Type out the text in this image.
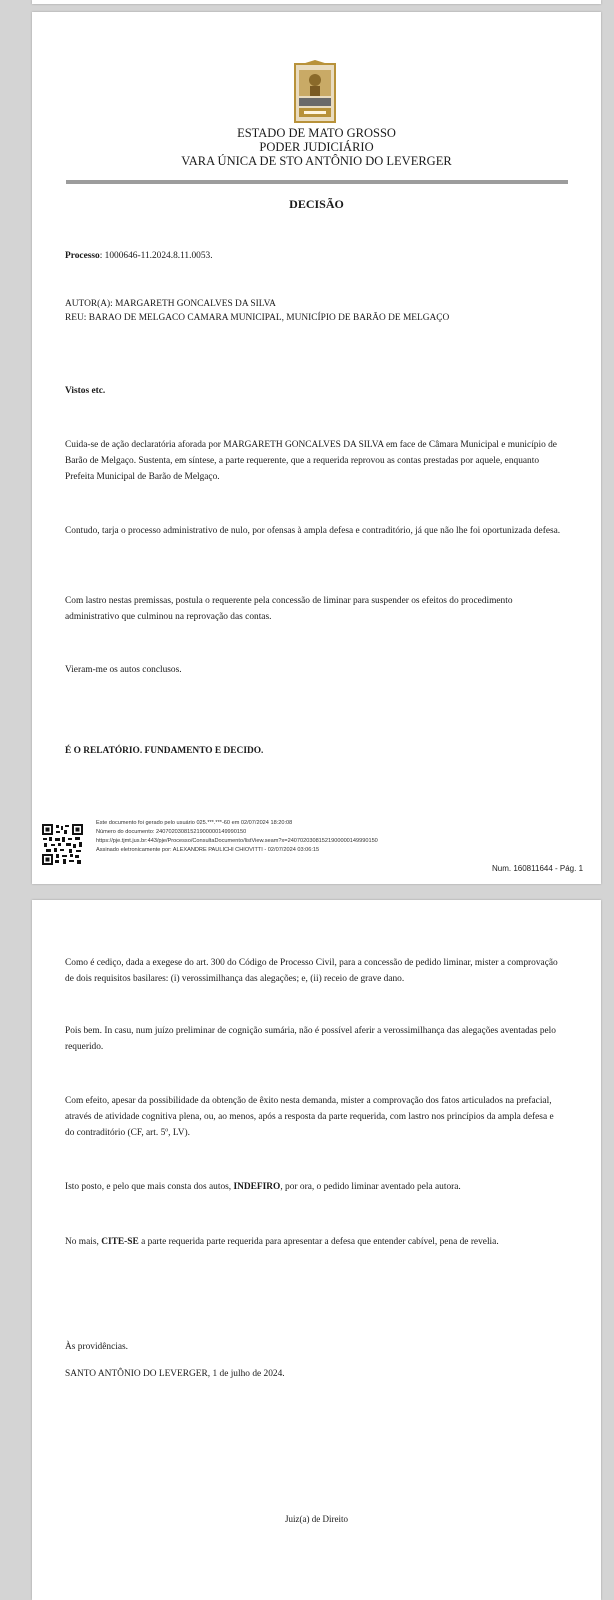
ESTADO DE MATO GROSSO
PODER JUDICIÁRIO
VARA ÚNICA DE STO ANTÔNIO DO LEVERGER
DECISÃO
Processo: 1000646-11.2024.8.11.0053.
AUTOR(A): MARGARETH GONCALVES DA SILVA
REU: BARAO DE MELGACO CAMARA MUNICIPAL, MUNICÍPIO DE BARÃO DE MELGAÇO
Vistos etc.
Cuida-se de ação declaratória aforada por MARGARETH GONCALVES DA SILVA em face de Câmara Municipal e município de Barão de Melgaço. Sustenta, em síntese, a parte requerente, que a requerida reprovou as contas prestadas por aquele, enquanto Prefeita Municipal de Barão de Melgaço.
Contudo, tarja o processo administrativo de nulo, por ofensas à ampla defesa e contraditório, já que não lhe foi oportunizada defesa.
Com lastro nestas premissas, postula o requerente pela concessão de liminar para suspender os efeitos do procedimento administrativo que culminou na reprovação das contas.
Vieram-me os autos conclusos.
É O RELATÓRIO. FUNDAMENTO E DECIDO.
Este documento foi gerado pelo usuário 025.***.***-60 em 02/07/2024 18:20:08
Número do documento: 24070203081521900000149990150
https://pje.tjmt.jus.br:443/pje/Processo/ConsultaDocumento/listView.seam?x=24070203081521900000149990150
Assinado eletronicamente por: ALEXANDRE PAULICHI CHIOVITTI - 02/07/2024 03:06:15
Num. 160811644 - Pág. 1
Como é cediço, dada a exegese do art. 300 do Código de Processo Civil, para a concessão de pedido liminar, mister a comprovação de dois requisitos basilares: (i) verossimilhança das alegações; e, (ii) receio de grave dano.
Pois bem. In casu, num juízo preliminar de cognição sumária, não é possível aferir a verossimilhança das alegações aventadas pelo requerido.
Com efeito, apesar da possibilidade da obtenção de êxito nesta demanda, mister a comprovação dos fatos articulados na prefacial, através de atividade cognitiva plena, ou, ao menos, após a resposta da parte requerida, com lastro nos princípios da ampla defesa e do contraditório (CF, art. 5º, LV).
Isto posto, e pelo que mais consta dos autos, INDEFIRO, por ora, o pedido liminar aventado pela autora.
No mais, CITE-SE a parte requerida parte requerida para apresentar a defesa que entender cabível, pena de revelia.
Às providências.
SANTO ANTÔNIO DO LEVERGER, 1 de julho de 2024.
Juiz(a) de Direito
